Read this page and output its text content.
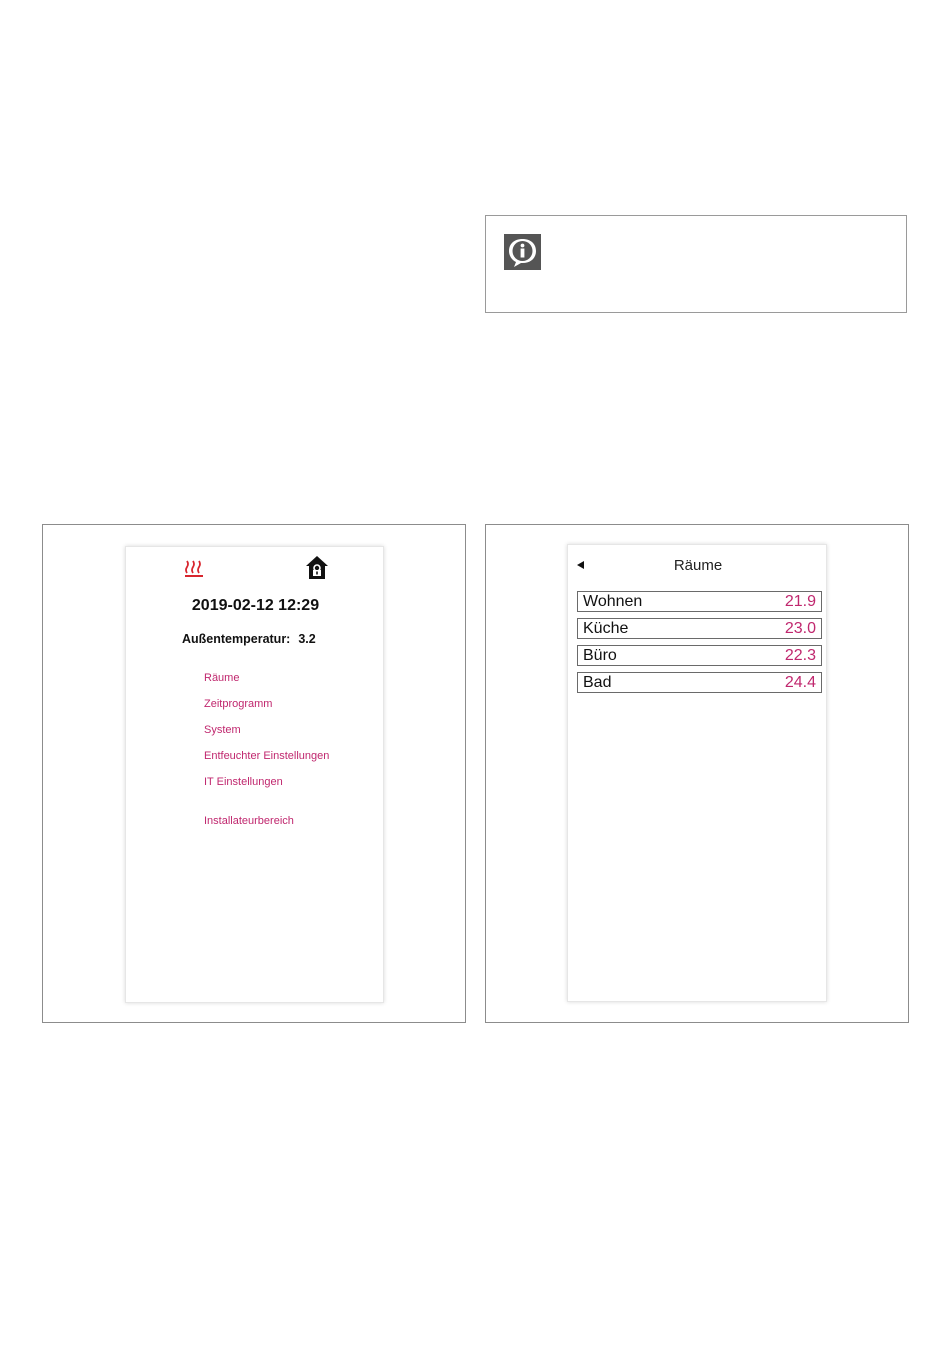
2019-02-12 12:29
Außentemperatur: 3.2
Räume
Zeitprogramm
System
Entfeuchter Einstellungen
IT Einstellungen
Installateurbereich
Räume
Wohnen	21.9
Küche	23.0
Büro	22.3
Bad	24.4
